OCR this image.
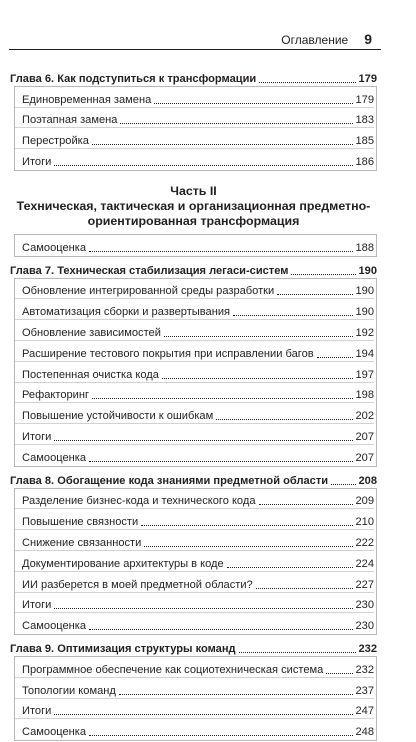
Оглавление 9
Глава 6. Как подступиться к трансформации	179
Единовременная замена	179
Поэтапная замена	183
Перестройка	185
Итоги	186
Часть II
Техническая, тактическая и организационная предметно-
ориентированная трансформация
Самооценка	188
Глава 7. Техническая стабилизация легаси-систем	190
Обновление интегрированной среды разработки	190
Автоматизация сборки и развертывания	190
Обновление зависимостей	192
Расширение тестового покрытия при исправлении багов	194
Постепенная очистка кода	197
Рефакторинг	198
Повышение устойчивости к ошибкам	202
Итоги	207
Самооценка	207
Глава 8. Обогащение кода знаниями предметной области	208
Разделение бизнес-кода и технического кода	209
Повышение связности	210
Снижение связанности	222
Документирование архитектуры в коде	224
ИИ разберется в моей предметной области?	227
Итоги	230
Самооценка	230
Глава 9. Оптимизация структуры команд	232
Программное обеспечение как социотехническая система	232
Топологии команд	237
Итоги	247
Самооценка	248
